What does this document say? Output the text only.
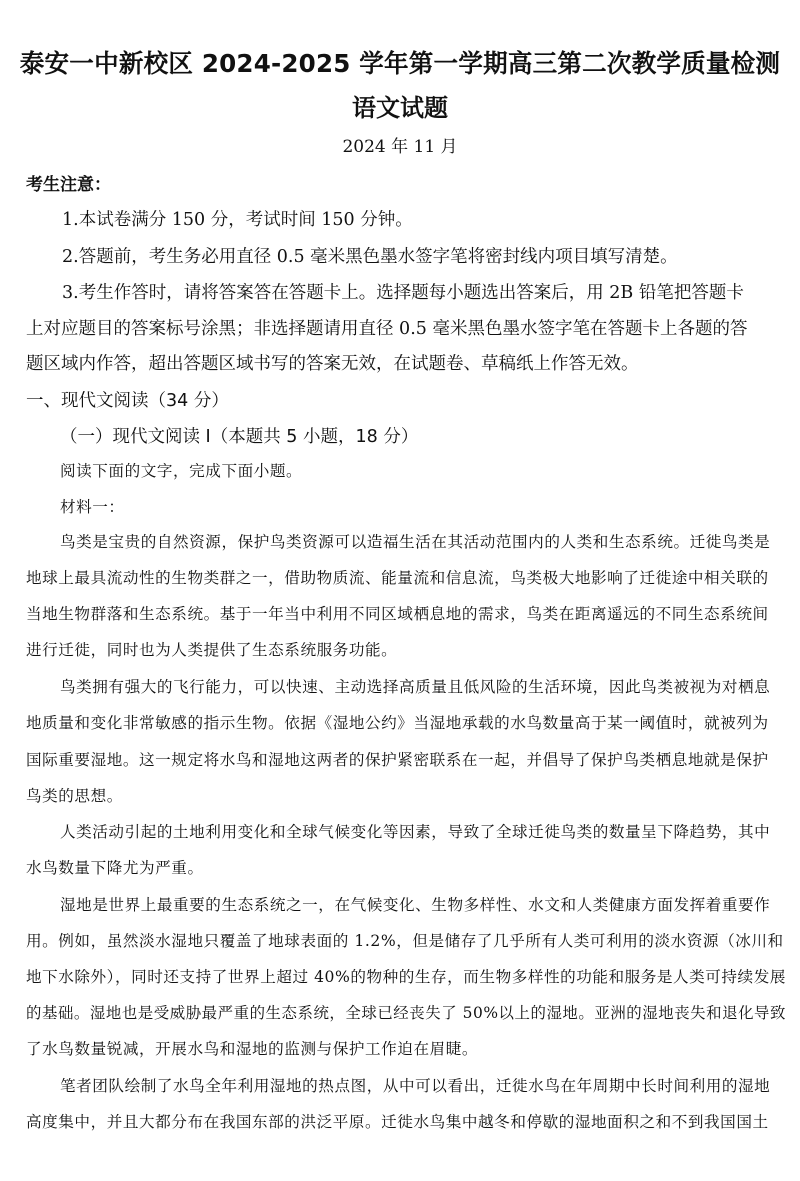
泰安一中新校区 2024-2025 学年第一学期高三第二次教学质量检测
语文试题
2024 年 11 月
考生注意：
1.本试卷满分 150 分，考试时间 150 分钟。
2.答题前，考生务必用直径 0.5 毫米黑色墨水签字笔将密封线内项目填写清楚。
3.考生作答时，请将答案答在答题卡上。选择题每小题选出答案后，用 2B 铅笔把答题卡
上对应题目的答案标号涂黑；非选择题请用直径 0.5 毫米黑色墨水签字笔在答题卡上各题的答
题区域内作答，超出答题区域书写的答案无效，在试题卷、草稿纸上作答无效。
一、现代文阅读（34 分）
（一）现代文阅读 I（本题共 5 小题，18 分）
阅读下面的文字，完成下面小题。
材料一：
鸟类是宝贵的自然资源，保护鸟类资源可以造福生活在其活动范围内的人类和生态系统。迁徙鸟类是
地球上最具流动性的生物类群之一，借助物质流、能量流和信息流，鸟类极大地影响了迁徙途中相关联的
当地生物群落和生态系统。基于一年当中利用不同区域栖息地的需求，鸟类在距离遥远的不同生态系统间
进行迁徙，同时也为人类提供了生态系统服务功能。
鸟类拥有强大的飞行能力，可以快速、主动选择高质量且低风险的生活环境，因此鸟类被视为对栖息
地质量和变化非常敏感的指示生物。依据《湿地公约》当湿地承载的水鸟数量高于某一阈值时，就被列为
国际重要湿地。这一规定将水鸟和湿地这两者的保护紧密联系在一起，并倡导了保护鸟类栖息地就是保护
鸟类的思想。
人类活动引起的土地利用变化和全球气候变化等因素，导致了全球迁徙鸟类的数量呈下降趋势，其中
水鸟数量下降尤为严重。
湿地是世界上最重要的生态系统之一，在气候变化、生物多样性、水文和人类健康方面发挥着重要作
用。例如，虽然淡水湿地只覆盖了地球表面的 1.2%，但是储存了几乎所有人类可利用的淡水资源（冰川和
地下水除外），同时还支持了世界上超过 40%的物种的生存，而生物多样性的功能和服务是人类可持续发展
的基础。湿地也是受威胁最严重的生态系统，全球已经丧失了 50%以上的湿地。亚洲的湿地丧失和退化导致
了水鸟数量锐减，开展水鸟和湿地的监测与保护工作迫在眉睫。
笔者团队绘制了水鸟全年利用湿地的热点图，从中可以看出，迁徙水鸟在年周期中长时间利用的湿地
高度集中，并且大都分布在我国东部的洪泛平原。迁徙水鸟集中越冬和停歇的湿地面积之和不到我国国土
